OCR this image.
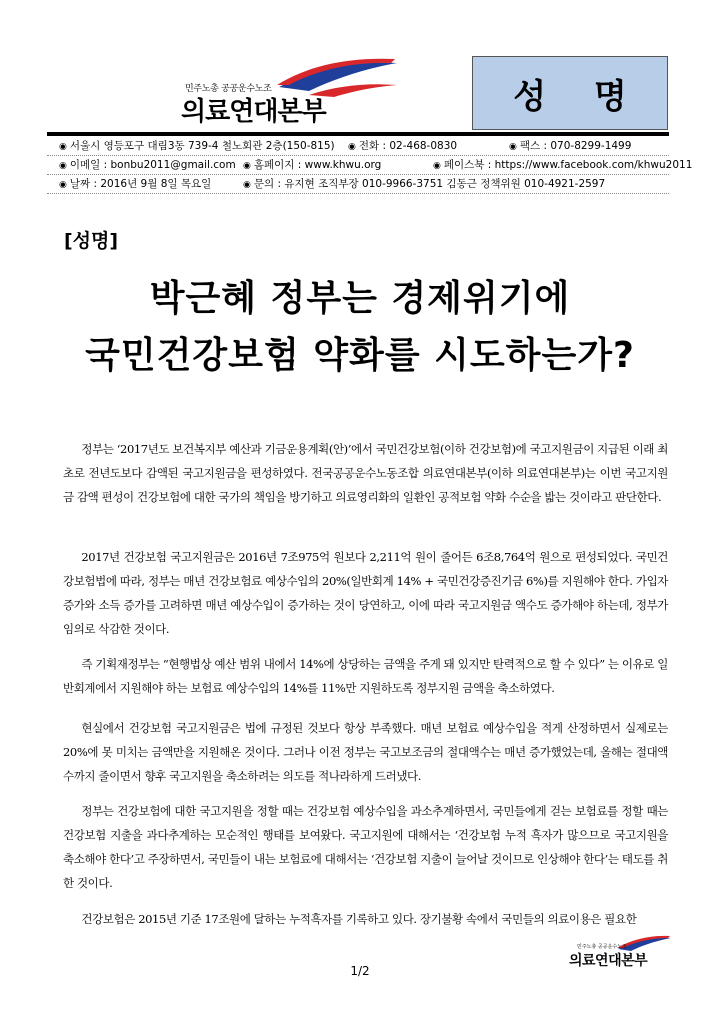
민주노총 공공운수노조
의료연대본부	성 명
◉ 서울시 영등포구 대림3동 739-4 철노회관 2층(150-815) ◉ 전화 : 02-468-0830	◉ 팩스 : 070-8299-1499
◉ 이메일 : bonbu2011@gmail.com ◉ 홈페이지 : www.khwu.org	◉ 페이스북 : https://www.facebook.com/khwu2011
◉ 날짜 : 2016년 9월 8일 목요일	◉ 문의 : 유지현 조직부장 010-9966-3751 김동근 정책위원 010-4921-2597
[성명]
박근혜 정부는 경제위기에
국민건강보험 약화를 시도하는가?

정부는 ‘2017년도 보건복지부 예산과 기금운용계획(안)’에서 국민건강보험(이하 건강보험)에 국고지원금이 지급된 이래 최초로 전년도보다 감액된 국고지원금을 편성하였다. 전국공공운수노동조합 의료연대본부(이하 의료연대본부)는 이번 국고지원금 감액 편성이 건강보험에 대한 국가의 책임을 방기하고 의료영리화의 일환인 공적보험 약화 수순을 밟는 것이라고 판단한다.

2017년 건강보험 국고지원금은 2016년 7조975억 원보다 2,211억 원이 줄어든 6조8,764억 원으로 편성되었다. 국민건강보험법에 따라, 정부는 매년 건강보험료 예상수입의 20%(일반회계 14% + 국민건강증진기금 6%)를 지원해야 한다. 가입자 증가와 소득 증가를 고려하면 매년 예상수입이 증가하는 것이 당연하고, 이에 따라 국고지원금 액수도 증가해야 하는데, 정부가 임의로 삭감한 것이다.

즉 기획재정부는 “현행법상 예산 범위 내에서 14%에 상당하는 금액을 주게 돼 있지만 탄력적으로 할 수 있다” 는 이유로 일반회계에서 지원해야 하는 보험료 예상수입의 14%를 11%만 지원하도록 정부지원 금액을 축소하였다.

현실에서 건강보험 국고지원금은 법에 규정된 것보다 항상 부족했다. 매년 보험료 예상수입을 적게 산정하면서 실제로는 20%에 못 미치는 금액만을 지원해온 것이다. 그러나 이전 정부는 국고보조금의 절대액수는 매년 증가했었는데, 올해는 절대액수까지 줄이면서 향후 국고지원을 축소하려는 의도를 적나라하게 드러냈다.

정부는 건강보험에 대한 국고지원을 정할 때는 건강보험 예상수입을 과소추계하면서, 국민들에게 걷는 보험료를 정할 때는 건강보험 지출을 과다추계하는 모순적인 행태를 보여왔다. 국고지원에 대해서는 ‘건강보험 누적 흑자가 많으므로 국고지원을 축소해야 한다’고 주장하면서, 국민들이 내는 보험료에 대해서는 ‘건강보험 지출이 늘어날 것이므로 인상해야 한다’는 태도를 취한 것이다.

건강보험은 2015년 기준 17조원에 달하는 누적흑자를 기록하고 있다. 장기불황 속에서 국민들의 의료이용은 필요한

민주노총 공공운수노조
의료연대본부
1/2
